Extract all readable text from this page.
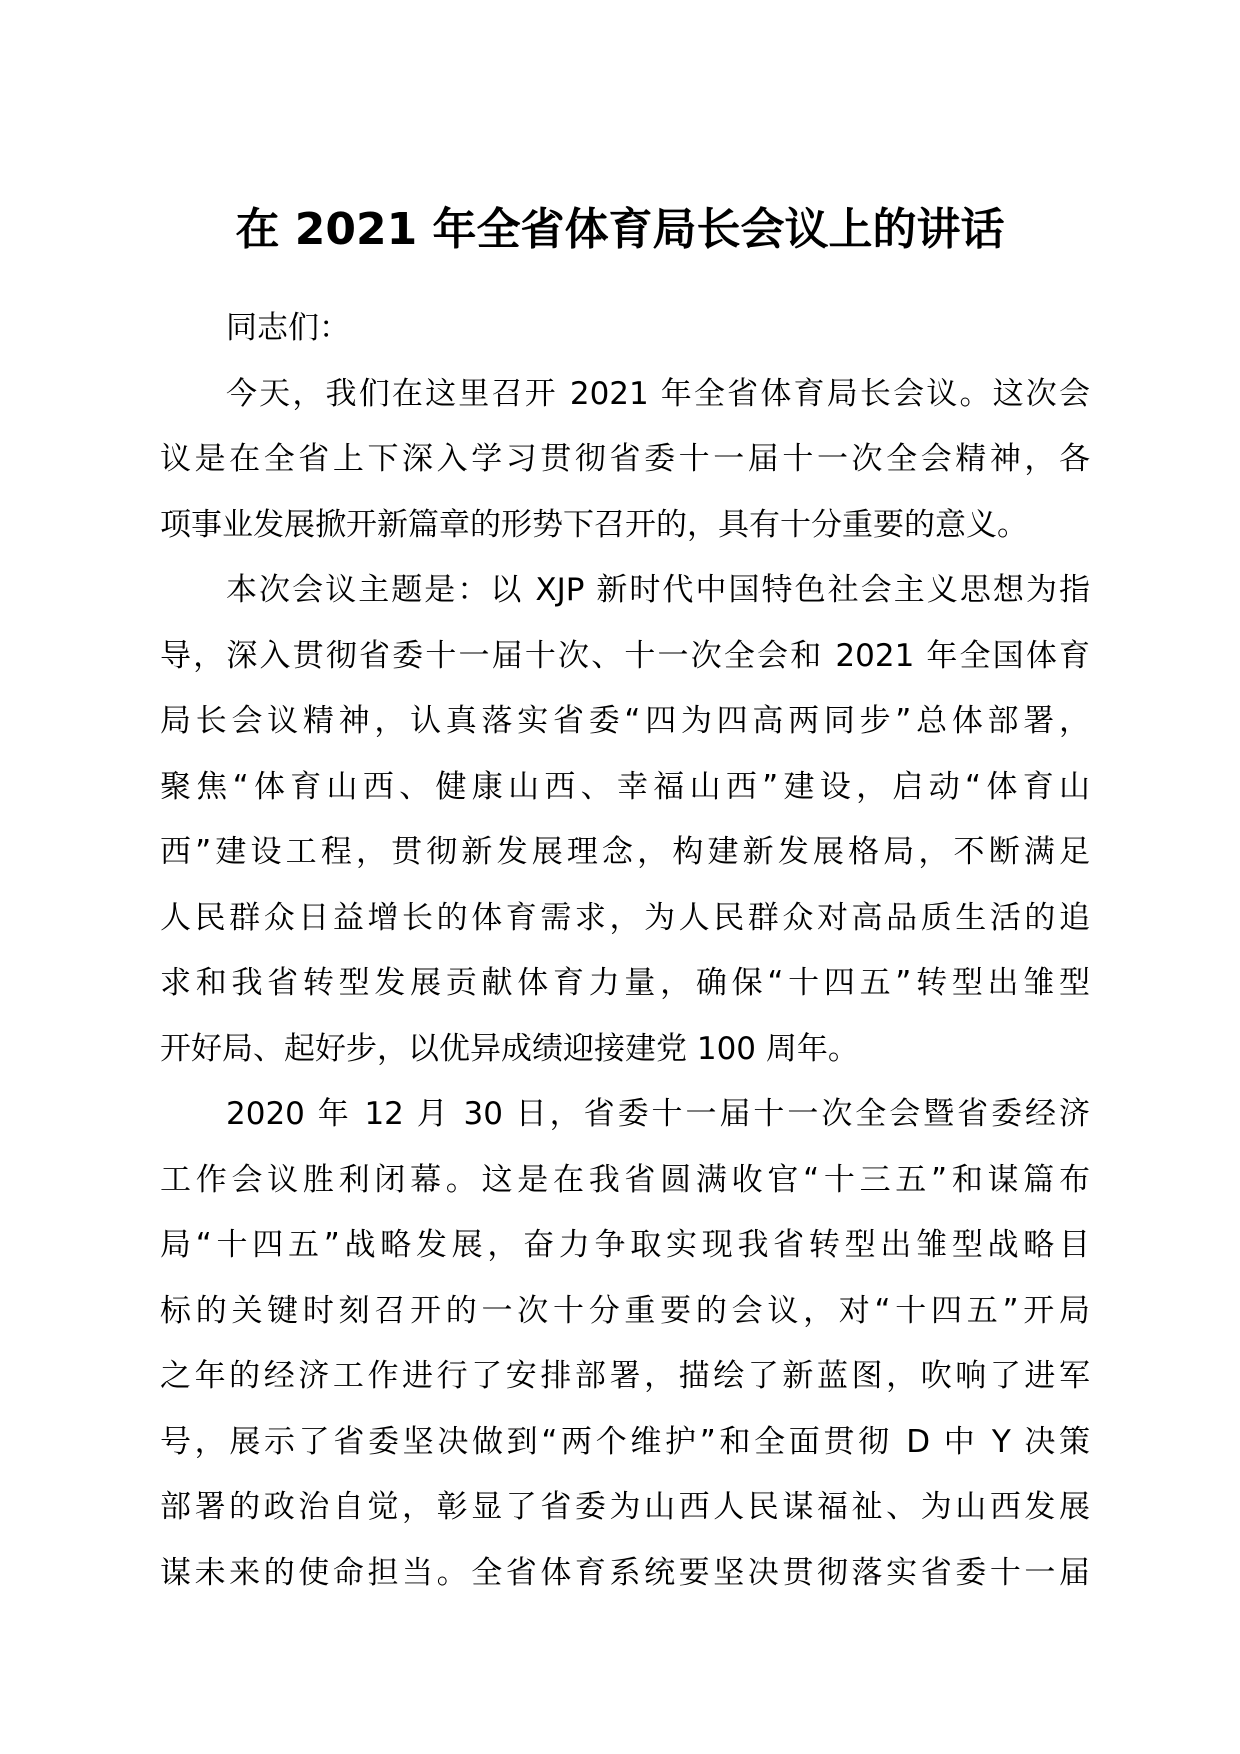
在 2021 年全省体育局长会议上的讲话
同志们：
今天，我们在这里召开 2021 年全省体育局长会议。这次会
议是在全省上下深入学习贯彻省委十一届十一次全会精神，各
项事业发展掀开新篇章的形势下召开的，具有十分重要的意义。
本次会议主题是：以 XJP 新时代中国特色社会主义思想为指
导，深入贯彻省委十一届十次、十一次全会和 2021 年全国体育
局长会议精神，认真落实省委“四为四高两同步”总体部署，
聚焦“体育山西、健康山西、幸福山西”建设，启动“体育山
西”建设工程，贯彻新发展理念，构建新发展格局，不断满足
人民群众日益增长的体育需求，为人民群众对高品质生活的追
求和我省转型发展贡献体育力量，确保“十四五”转型出雏型
开好局、起好步，以优异成绩迎接建党 100 周年。
2020 年 12 月 30 日，省委十一届十一次全会暨省委经济
工作会议胜利闭幕。这是在我省圆满收官“十三五”和谋篇布
局“十四五”战略发展，奋力争取实现我省转型出雏型战略目
标的关键时刻召开的一次十分重要的会议，对“十四五”开局
之年的经济工作进行了安排部署，描绘了新蓝图，吹响了进军
号，展示了省委坚决做到“两个维护”和全面贯彻 D 中 Y 决策
部署的政治自觉，彰显了省委为山西人民谋福祉、为山西发展
谋未来的使命担当。全省体育系统要坚决贯彻落实省委十一届
